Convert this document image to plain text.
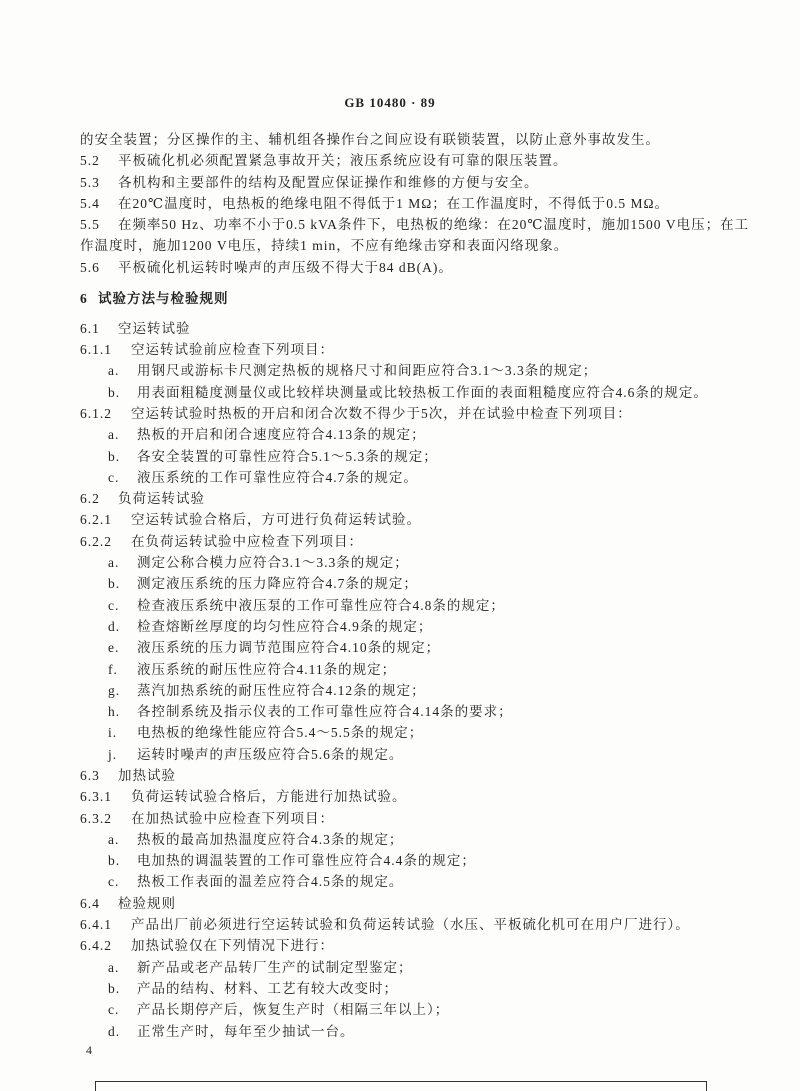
GB 10480 · 89
的安全装置；分区操作的主、辅机组各操作台之间应设有联锁装置，以防止意外事故发生。
5.2 平板硫化机必须配置紧急事故开关；液压系统应设有可靠的限压装置。
5.3 各机构和主要部件的结构及配置应保证操作和维修的方便与安全。
5.4 在20℃温度时，电热板的绝缘电阻不得低于1 MΩ；在工作温度时，不得低于0.5 MΩ。
5.5 在频率50 Hz、功率不小于0.5 kVA条件下，电热板的绝缘：在20℃温度时，施加1500 V电压；在工
作温度时，施加1200 V电压，持续1 min，不应有绝缘击穿和表面闪络现象。
5.6 平板硫化机运转时噪声的声压级不得大于84 dB(A)。
6 试验方法与检验规则
6.1 空运转试验
6.1.1 空运转试验前应检查下列项目：
a. 用钢尺或游标卡尺测定热板的规格尺寸和间距应符合3.1～3.3条的规定；
b. 用表面粗糙度测量仪或比较样块测量或比较热板工作面的表面粗糙度应符合4.6条的规定。
6.1.2 空运转试验时热板的开启和闭合次数不得少于5次，并在试验中检查下列项目：
a. 热板的开启和闭合速度应符合4.13条的规定；
b. 各安全装置的可靠性应符合5.1～5.3条的规定；
c. 液压系统的工作可靠性应符合4.7条的规定。
6.2 负荷运转试验
6.2.1 空运转试验合格后，方可进行负荷运转试验。
6.2.2 在负荷运转试验中应检查下列项目：
a. 测定公称合模力应符合3.1～3.3条的规定；
b. 测定液压系统的压力降应符合4.7条的规定；
c. 检查液压系统中液压泵的工作可靠性应符合4.8条的规定；
d. 检查熔断丝厚度的均匀性应符合4.9条的规定；
e. 液压系统的压力调节范围应符合4.10条的规定；
f. 液压系统的耐压性应符合4.11条的规定；
g. 蒸汽加热系统的耐压性应符合4.12条的规定；
h. 各控制系统及指示仪表的工作可靠性应符合4.14条的要求；
i. 电热板的绝缘性能应符合5.4～5.5条的规定；
j. 运转时噪声的声压级应符合5.6条的规定。
6.3 加热试验
6.3.1 负荷运转试验合格后，方能进行加热试验。
6.3.2 在加热试验中应检查下列项目：
a. 热板的最高加热温度应符合4.3条的规定；
b. 电加热的调温装置的工作可靠性应符合4.4条的规定；
c. 热板工作表面的温差应符合4.5条的规定。
6.4 检验规则
6.4.1 产品出厂前必须进行空运转试验和负荷运转试验（水压、平板硫化机可在用户厂进行）。
6.4.2 加热试验仅在下列情况下进行：
a. 新产品或老产品转厂生产的试制定型鉴定；
b. 产品的结构、材料、工艺有较大改变时；
c. 产品长期停产后，恢复生产时（相隔三年以上）；
d. 正常生产时，每年至少抽试一台。
4
